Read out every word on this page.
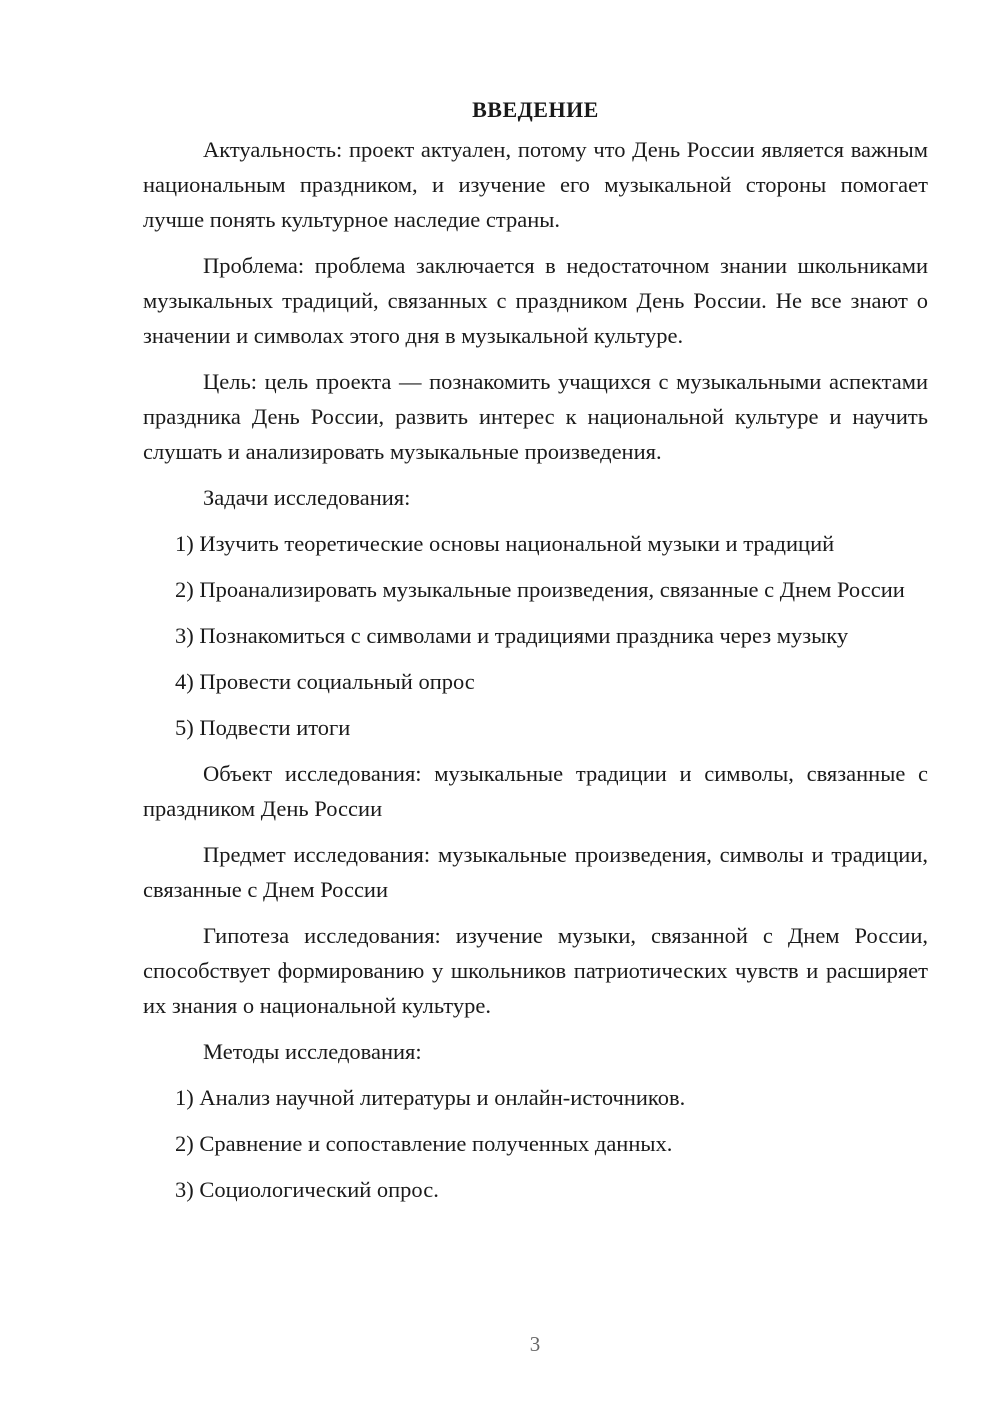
ВВЕДЕНИЕ

Актуальность: проект актуален, потому что День России является важным национальным праздником, и изучение его музыкальной стороны помогает лучше понять культурное наследие страны.

Проблема: проблема заключается в недостаточном знании школьниками музыкальных традиций, связанных с праздником День России. Не все знают о значении и символах этого дня в музыкальной культуре.

Цель: цель проекта — познакомить учащихся с музыкальными аспектами праздника День России, развить интерес к национальной культуре и научить слушать и анализировать музыкальные произведения.

Задачи исследования:

1) Изучить теоретические основы национальной музыки и традиций

2) Проанализировать музыкальные произведения, связанные с Днем России

3) Познакомиться с символами и традициями праздника через музыку

4) Провести социальный опрос

5) Подвести итоги

Объект исследования: музыкальные традиции и символы, связанные с праздником День России

Предмет исследования: музыкальные произведения, символы и традиции, связанные с Днем России

Гипотеза исследования: изучение музыки, связанной с Днем России, способствует формированию у школьников патриотических чувств и расширяет их знания о национальной культуре.

Методы исследования:

1) Анализ научной литературы и онлайн-источников.

2) Сравнение и сопоставление полученных данных.

3) Социологический опрос.

3
